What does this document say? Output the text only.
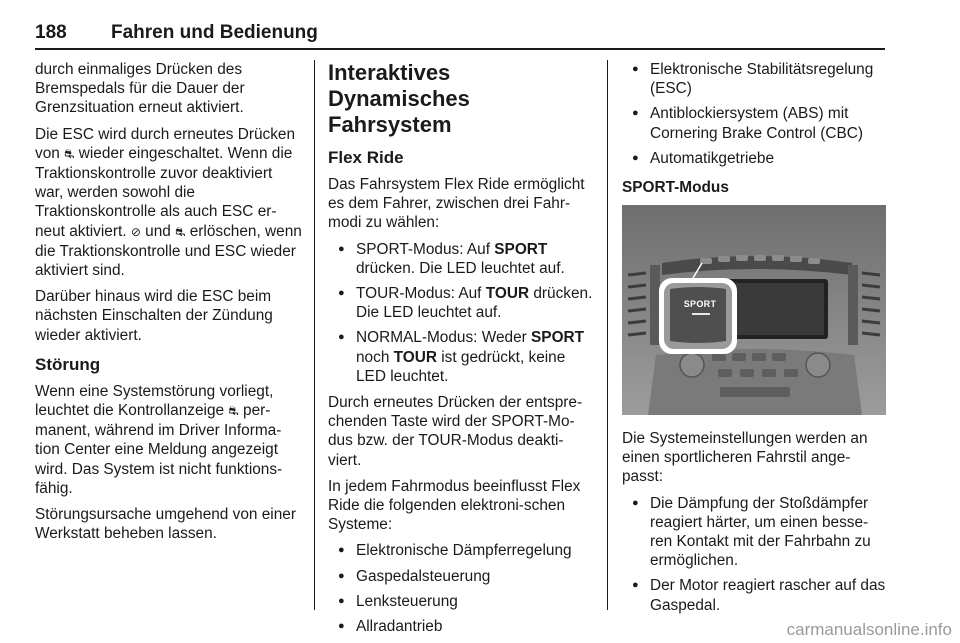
188 Fahren und Bedienung

durch einmaliges Drücken des Bremspedals für die Dauer der Grenzsituation erneut aktiviert.

Die ESC wird durch erneutes Drücken von ⛐ wieder eingeschaltet. Wenn die Traktionskontrolle zuvor deaktiviert war, werden sowohl die Traktionskontrolle als auch ESC er-neut aktiviert. ⊘ und ⛐ erlöschen, wenn die Traktionskontrolle und ESC wieder aktiviert sind.

Darüber hinaus wird die ESC beim nächsten Einschalten der Zündung wieder aktiviert.

Störung

Wenn eine Systemstörung vorliegt, leuchtet die Kontrollanzeige ⛐ per-manent, während im Driver Informa-tion Center eine Meldung angezeigt wird. Das System ist nicht funktions-fähig.

Störungsursache umgehend von einer Werkstatt beheben lassen.

Interaktives Dynamisches Fahrsystem
Flex Ride

Das Fahrsystem Flex Ride ermöglicht es dem Fahrer, zwischen drei Fahr-modi zu wählen:

● SPORT-Modus: Auf SPORT drücken. Die LED leuchtet auf.
● TOUR-Modus: Auf TOUR drücken. Die LED leuchtet auf.
● NORMAL-Modus: Weder SPORT noch TOUR ist gedrückt, keine LED leuchtet.

Durch erneutes Drücken der entspre-chenden Taste wird der SPORT-Mo-dus bzw. der TOUR-Modus deakti-viert.

In jedem Fahrmodus beeinflusst Flex Ride die folgenden elektroni-schen Systeme:

● Elektronische Dämpferregelung
● Gaspedalsteuerung
● Lenksteuerung
● Allradantrieb
● Elektronische Stabilitätsregelung (ESC)
● Antiblockiersystem (ABS) mit Cornering Brake Control (CBC)
● Automatikgetriebe
SPORT-Modus
SPORT

Die Systemeinstellungen werden an einen sportlicheren Fahrstil ange-passt:

● Die Dämpfung der Stoßdämpfer reagiert härter, um einen besse-ren Kontakt mit der Fahrbahn zu ermöglichen.
● Der Motor reagiert rascher auf das Gaspedal.
carmanualsonline.info
